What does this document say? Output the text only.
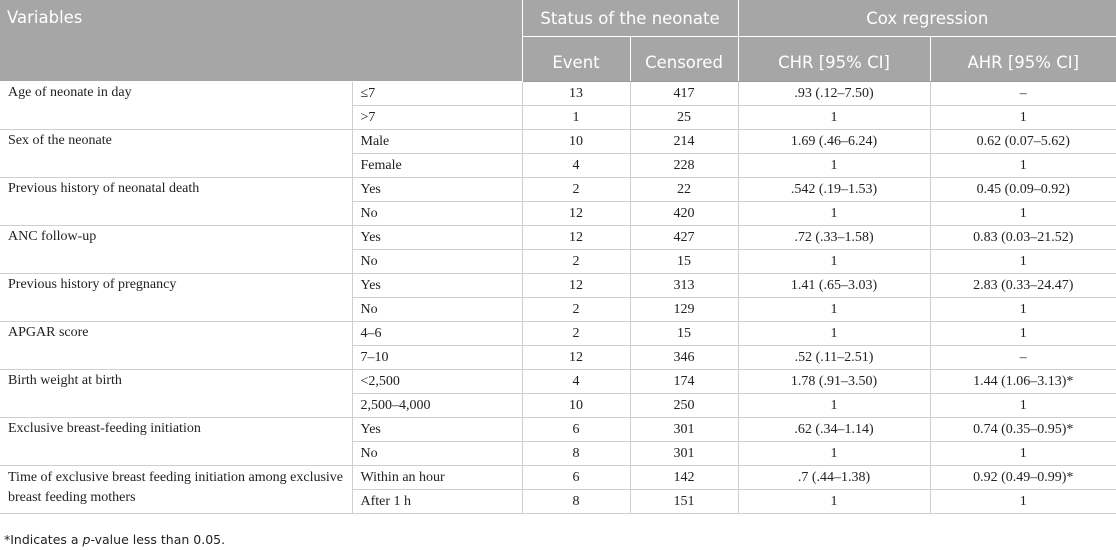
Variables		Status of the neonate		Cox regression	
		Event	Censored	CHR [95% CI]	AHR [95% CI]
Age of neonate in day	≤7	13	417	.93 (.12–7.50)	–
	>7	1	25	1	1
Sex of the neonate	Male	10	214	1.69 (.46–6.24)	0.62 (0.07–5.62)
	Female	4	228	1	1
Previous history of neonatal death	Yes	2	22	.542 (.19–1.53)	0.45 (0.09–0.92)
	No	12	420	1	1
ANC follow-up	Yes	12	427	.72 (.33–1.58)	0.83 (0.03–21.52)
	No	2	15	1	1
Previous history of pregnancy	Yes	12	313	1.41 (.65–3.03)	2.83 (0.33–24.47)
	No	2	129	1	1
APGAR score	4–6	2	15	1	1
	7–10	12	346	.52 (.11–2.51)	–
Birth weight at birth	<2,500	4	174	1.78 (.91–3.50)	1.44 (1.06–3.13)*
	2,500–4,000	10	250	1	1
Exclusive breast-feeding initiation	Yes	6	301	.62 (.34–1.14)	0.74 (0.35–0.95)*
	No	8	301	1	1
Time of exclusive breast feeding initiation among exclusive breast feeding mothers	Within an hour	6	142	.7 (.44–1.38)	0.92 (0.49–0.99)*
	After 1 h	8	151	1	1
*Indicates a p-value less than 0.05.
